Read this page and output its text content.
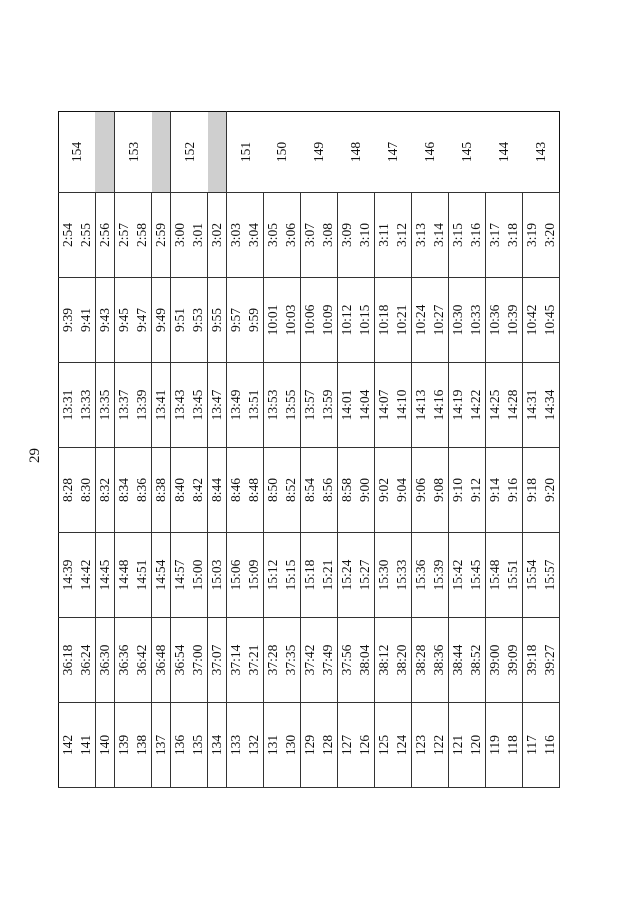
29
142	36:18	14:39	8:28	13:31	9:39	2:54	154
141	36:24	14:42	8:30	13:33	9:41	2:55	
140	36:30	14:45	8:32	13:35	9:43	2:56	
139	36:36	14:48	8:34	13:37	9:45	2:57	153
138	36:42	14:51	8:36	13:39	9:47	2:58	
137	36:48	14:54	8:38	13:41	9:49	2:59	
136	36:54	14:57	8:40	13:43	9:51	3:00	152
135	37:00	15:00	8:42	13:45	9:53	3:01	
134	37:07	15:03	8:44	13:47	9:55	3:02	
133	37:14	15:06	8:46	13:49	9:57	3:03	151
132	37:21	15:09	8:48	13:51	9:59	3:04	
131	37:28	15:12	8:50	13:53	10:01	3:05	150
130	37:35	15:15	8:52	13:55	10:03	3:06	
129	37:42	15:18	8:54	13:57	10:06	3:07	149
128	37:49	15:21	8:56	13:59	10:09	3:08	
127	37:56	15:24	8:58	14:01	10:12	3:09	148
126	38:04	15:27	9:00	14:04	10:15	3:10	
125	38:12	15:30	9:02	14:07	10:18	3:11	147
124	38:20	15:33	9:04	14:10	10:21	3:12	
123	38:28	15:36	9:06	14:13	10:24	3:13	146
122	38:36	15:39	9:08	14:16	10:27	3:14	
121	38:44	15:42	9:10	14:19	10:30	3:15	145
120	38:52	15:45	9:12	14:22	10:33	3:16	
119	39:00	15:48	9:14	14:25	10:36	3:17	144
118	39:09	15:51	9:16	14:28	10:39	3:18	
117	39:18	15:54	9:18	14:31	10:42	3:19	143
116	39:27	15:57	9:20	14:34	10:45	3:20	
